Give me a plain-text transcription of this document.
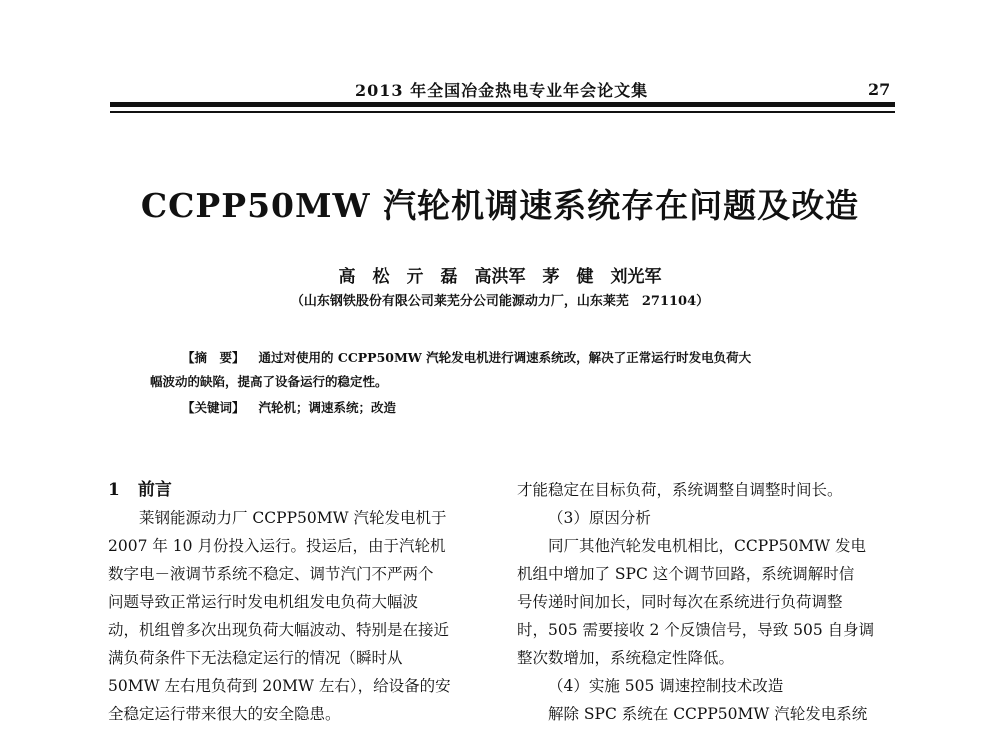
2013 年全国冶金热电专业年会论文集	27
CCPP50MW 汽轮机调速系统存在问题及改造
高　松　亓　磊　高洪军　茅　健　刘光军
（山东钢铁股份有限公司莱芜分公司能源动力厂，山东莱芜　271104）
【摘　要】 通过对使用的 CCPP50MW 汽轮发电机进行调速系统改，解决了正常运行时发电负荷大
幅波动的缺陷，提高了设备运行的稳定性。
【关键词】 汽轮机；调速系统；改造
1 前言
莱钢能源动力厂 CCPP50MW 汽轮发电机于
2007 年 10 月份投入运行。投运后，由于汽轮机
数字电－液调节系统不稳定、调节汽门不严两个
问题导致正常运行时发电机组发电负荷大幅波
动，机组曾多次出现负荷大幅波动、特别是在接近
满负荷条件下无法稳定运行的情况（瞬时从
50MW 左右甩负荷到 20MW 左右），给设备的安
全稳定运行带来很大的安全隐患。
才能稳定在目标负荷，系统调整自调整时间长。
（3）原因分析
同厂其他汽轮发电机相比，CCPP50MW 发电
机组中增加了 SPC 这个调节回路，系统调解时信
号传递时间加长，同时每次在系统进行负荷调整
时，505 需要接收 2 个反馈信号，导致 505 自身调
整次数增加，系统稳定性降低。
（4）实施 505 调速控制技术改造
解除 SPC 系统在 CCPP50MW 汽轮发电系统
